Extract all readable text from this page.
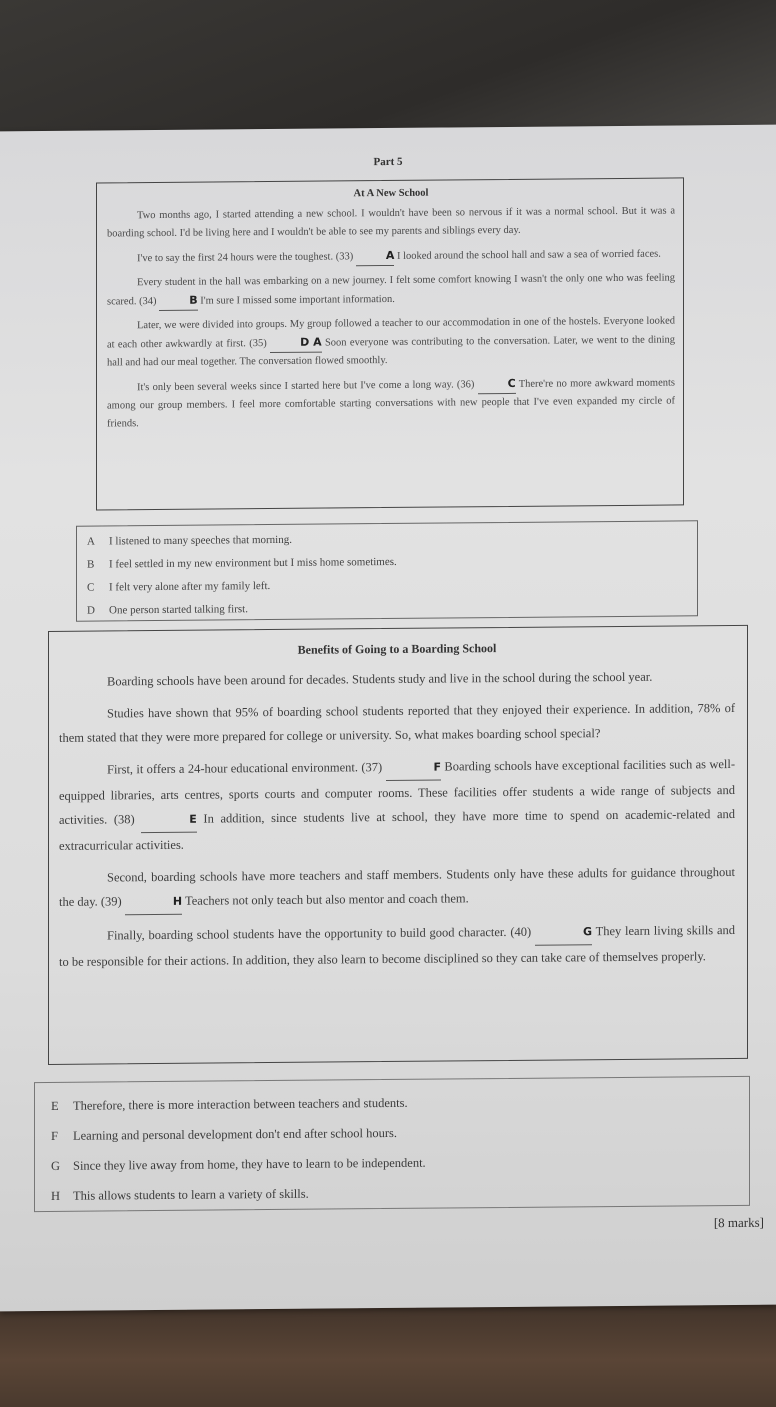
Part 5
At A New School

Two months ago, I started attending a new school. I wouldn't have been so nervous if it was a normal school. But it was a boarding school. I'd be living here and I wouldn't be able to see my parents and siblings every day.

I've to say the first 24 hours were the toughest. (33)	A I looked around the school hall and saw a sea of worried faces.

Every student in the hall was embarking on a new journey. I felt some comfort knowing I wasn't the only one who was feeling scared. (34)	B I'm sure I missed some important information.

Later, we were divided into groups. My group followed a teacher to our accommodation in one of the hostels. Everyone looked at each other awkwardly at first. (35)	D A Soon everyone was contributing to the conversation. Later, we went to the dining hall and had our meal together. The conversation flowed smoothly.

It's only been several weeks since I started here but I've come a long way. (36)	C There're no more awkward moments among our group members. I feel more comfortable starting conversations with new people that I've even expanded my circle of friends.

A I listened to many speeches that morning.
B I feel settled in my new environment but I miss home sometimes.
C I felt very alone after my family left.
D One person started talking first.
Benefits of Going to a Boarding School

Boarding schools have been around for decades. Students study and live in the school during the school year.

Studies have shown that 95% of boarding school students reported that they enjoyed their experience. In addition, 78% of them stated that they were more prepared for college or university. So, what makes boarding school special?

First, it offers a 24-hour educational environment. (37)	F Boarding schools have exceptional facilities such as well-equipped libraries, arts centres, sports courts and computer rooms. These facilities offer students a wide range of subjects and activities. (38)	E In addition, since students live at school, they have more time to spend on academic-related and extracurricular activities.

Second, boarding schools have more teachers and staff members. Students only have these adults for guidance throughout the day. (39)	H Teachers not only teach but also mentor and coach them.

Finally, boarding school students have the opportunity to build good character. (40)	G They learn living skills and to be responsible for their actions. In addition, they also learn to become disciplined so they can take care of themselves properly.

E Therefore, there is more interaction between teachers and students.
F Learning and personal development don't end after school hours.
G Since they live away from home, they have to learn to be independent.
H This allows students to learn a variety of skills.
[8 marks]
